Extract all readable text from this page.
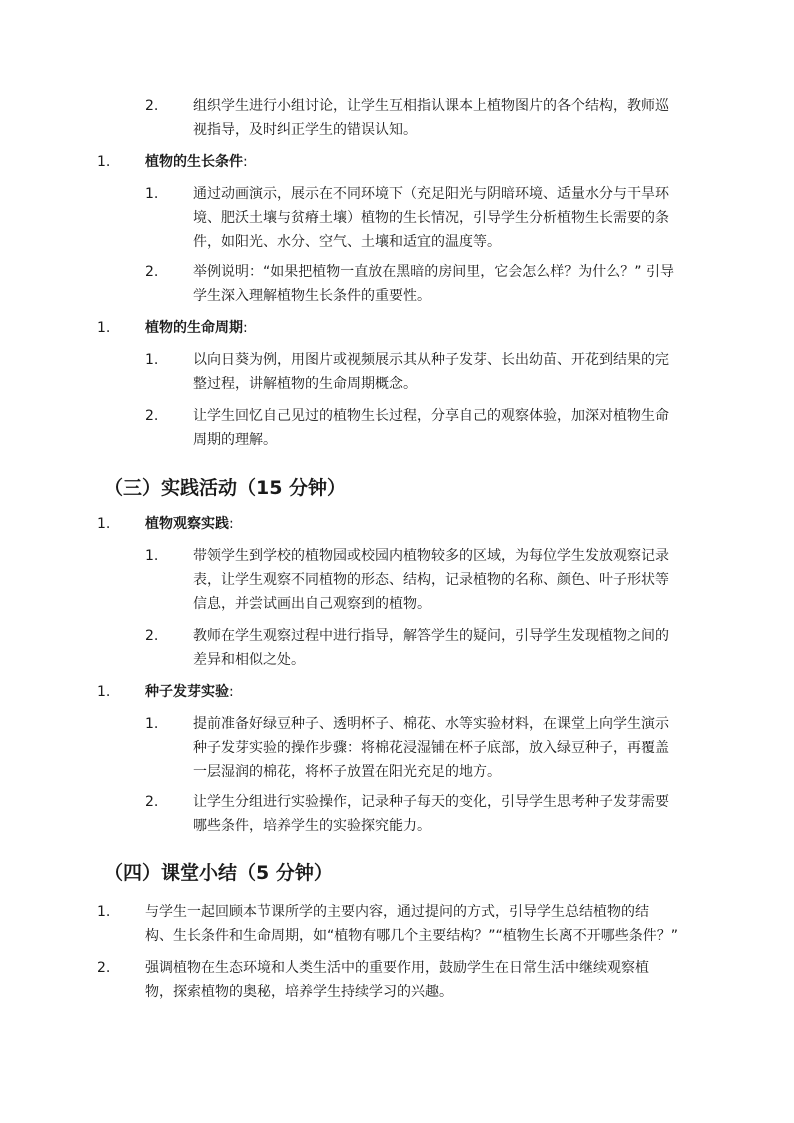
2. 组织学生进行小组讨论，让学生互相指认课本上植物图片的各个结构，教师巡
视指导，及时纠正学生的错误认知。
1. 植物的生长条件:
1. 通过动画演示，展示在不同环境下（充足阳光与阴暗环境、适量水分与干旱环
境、肥沃土壤与贫瘠土壤）植物的生长情况，引导学生分析植物生长需要的条
件，如阳光、水分、空气、土壤和适宜的温度等。
2. 举例说明：“如果把植物一直放在黑暗的房间里，它会怎么样？为什么？” 引导
学生深入理解植物生长条件的重要性。
1. 植物的生命周期:
1. 以向日葵为例，用图片或视频展示其从种子发芽、长出幼苗、开花到结果的完
整过程，讲解植物的生命周期概念。
2. 让学生回忆自己见过的植物生长过程，分享自己的观察体验，加深对植物生命
周期的理解。
（三）实践活动（15 分钟）
1. 植物观察实践:
1. 带领学生到学校的植物园或校园内植物较多的区域，为每位学生发放观察记录
表，让学生观察不同植物的形态、结构，记录植物的名称、颜色、叶子形状等
信息，并尝试画出自己观察到的植物。
2. 教师在学生观察过程中进行指导，解答学生的疑问，引导学生发现植物之间的
差异和相似之处。
1. 种子发芽实验:
1. 提前准备好绿豆种子、透明杯子、棉花、水等实验材料，在课堂上向学生演示
种子发芽实验的操作步骤：将棉花浸湿铺在杯子底部，放入绿豆种子，再覆盖
一层湿润的棉花，将杯子放置在阳光充足的地方。
2. 让学生分组进行实验操作，记录种子每天的变化，引导学生思考种子发芽需要
哪些条件，培养学生的实验探究能力。
（四）课堂小结（5 分钟）
1. 与学生一起回顾本节课所学的主要内容，通过提问的方式，引导学生总结植物的结
构、生长条件和生命周期，如“植物有哪几个主要结构？”“植物生长离不开哪些条件？”
2. 强调植物在生态环境和人类生活中的重要作用，鼓励学生在日常生活中继续观察植
物，探索植物的奥秘，培养学生持续学习的兴趣。
